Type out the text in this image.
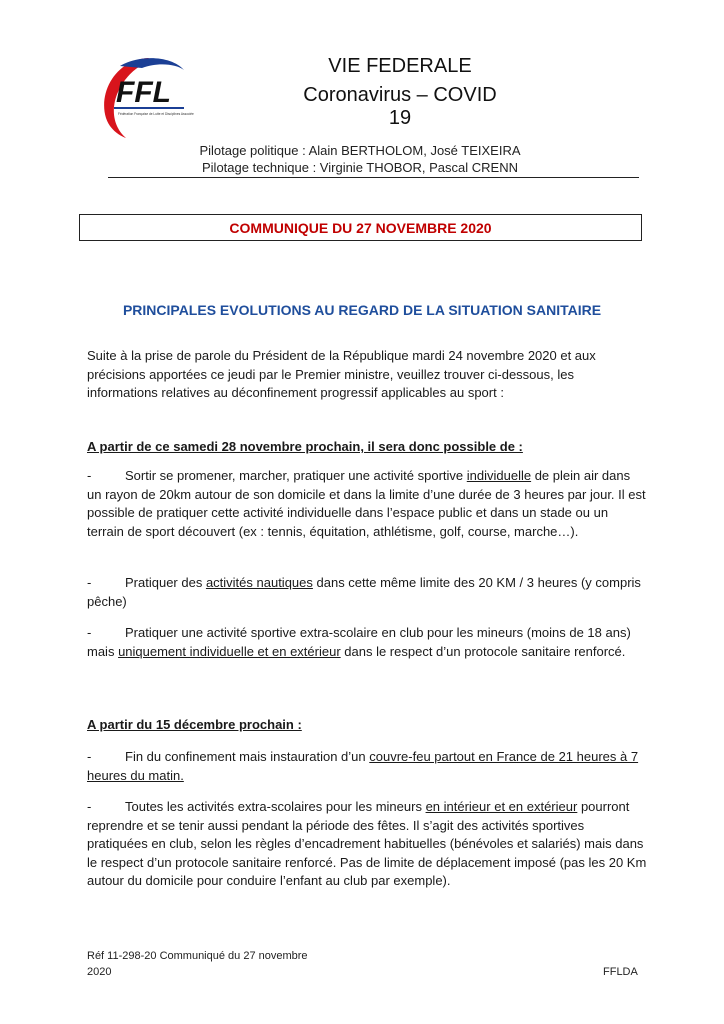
FFL
Fédération Française de Lutte et Disciplines Associées
VIE FEDERALE
Coronavirus – COVID 19
Pilotage politique : Alain BERTHOLOM, José TEIXEIRA
Pilotage technique : Virginie THOBOR, Pascal CRENN
COMMUNIQUE DU 27 NOVEMBRE 2020
PRINCIPALES EVOLUTIONS AU REGARD DE LA SITUATION SANITAIRE
Suite à la prise de parole du Président de la République mardi 24 novembre 2020 et aux précisions apportées ce jeudi par le Premier ministre, veuillez trouver ci-dessous, les informations relatives au déconfinement progressif applicables au sport :
A partir de ce samedi 28 novembre prochain, il sera donc possible de :
-	Sortir se promener, marcher, pratiquer une activité sportive individuelle de plein air dans un rayon de 20km autour de son domicile et dans la limite d’une durée de 3 heures par jour. Il est possible de pratiquer cette activité individuelle dans l’espace public et dans un stade ou un terrain de sport découvert (ex : tennis, équitation, athlétisme, golf, course, marche…).
-	Pratiquer des activités nautiques dans cette même limite des 20 KM / 3 heures (y compris pêche)
-	Pratiquer une activité sportive extra-scolaire en club pour les mineurs (moins de 18 ans) mais uniquement individuelle et en extérieur dans le respect d’un protocole sanitaire renforcé.
A partir du 15 décembre prochain :
-	Fin du confinement mais instauration d’un couvre-feu partout en France de 21 heures à 7 heures du matin.
-	Toutes les activités extra-scolaires pour les mineurs en intérieur et en extérieur pourront reprendre et se tenir aussi pendant la période des fêtes. Il s’agit des activités sportives pratiquées en club, selon les règles d’encadrement habituelles (bénévoles et salariés) mais dans le respect d’un protocole sanitaire renforcé. Pas de limite de déplacement imposé (pas les 20 Km autour du domicile pour conduire l’enfant au club par exemple).
Réf 11-298-20 Communiqué du 27 novembre
2020	FFLDA
